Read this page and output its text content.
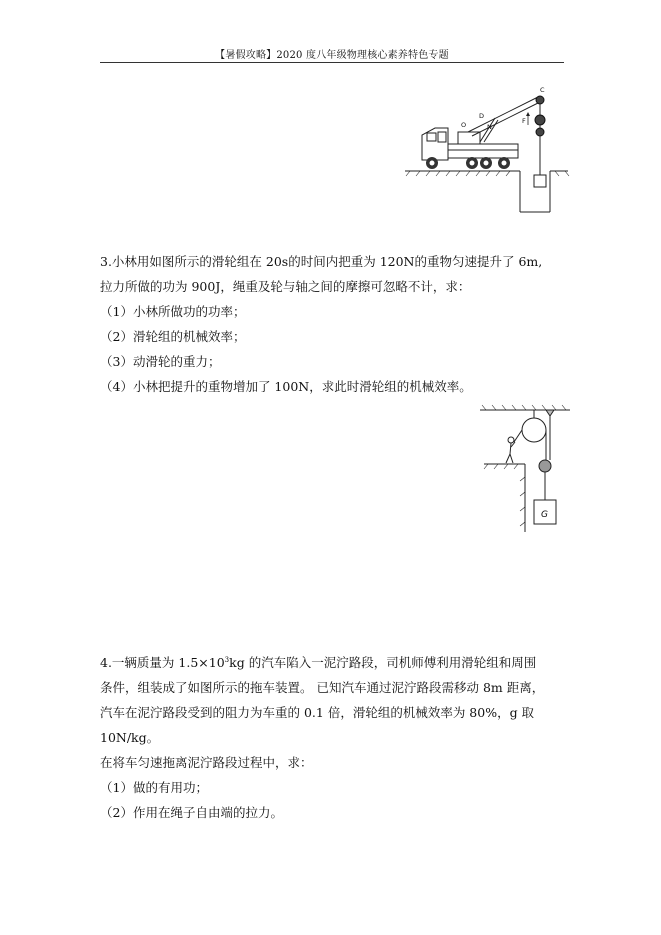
【暑假攻略】2020 度八年级物理核心素养特色专题
C
D
O	N
F
3.小林用如图所示的滑轮组在 20s的时间内把重为 120N的重物匀速提升了 6m,
拉力所做的功为 900J，绳重及轮与轴之间的摩擦可忽略不计，求：
（1）小林所做功的功率；
（2）滑轮组的机械效率；
（3）动滑轮的重力；
（4）小林把提升的重物增加了 100N，求此时滑轮组的机械效率。
G
4.一辆质量为 $1.5\times 10^3kg$ 的汽车陷入一泥泞路段，司机师傅利用滑轮组和周围
条件，组装成了如图所示的拖车装置。 已知汽车通过泥泞路段需移动 8m 距离，
汽车在泥泞路段受到的阻力为车重的 0.1 倍，滑轮组的机械效率为 80%，g 取
10N/kg。
在将车匀速拖离泥泞路段过程中，求：
（1）做的有用功；
（2）作用在绳子自由端的拉力。
